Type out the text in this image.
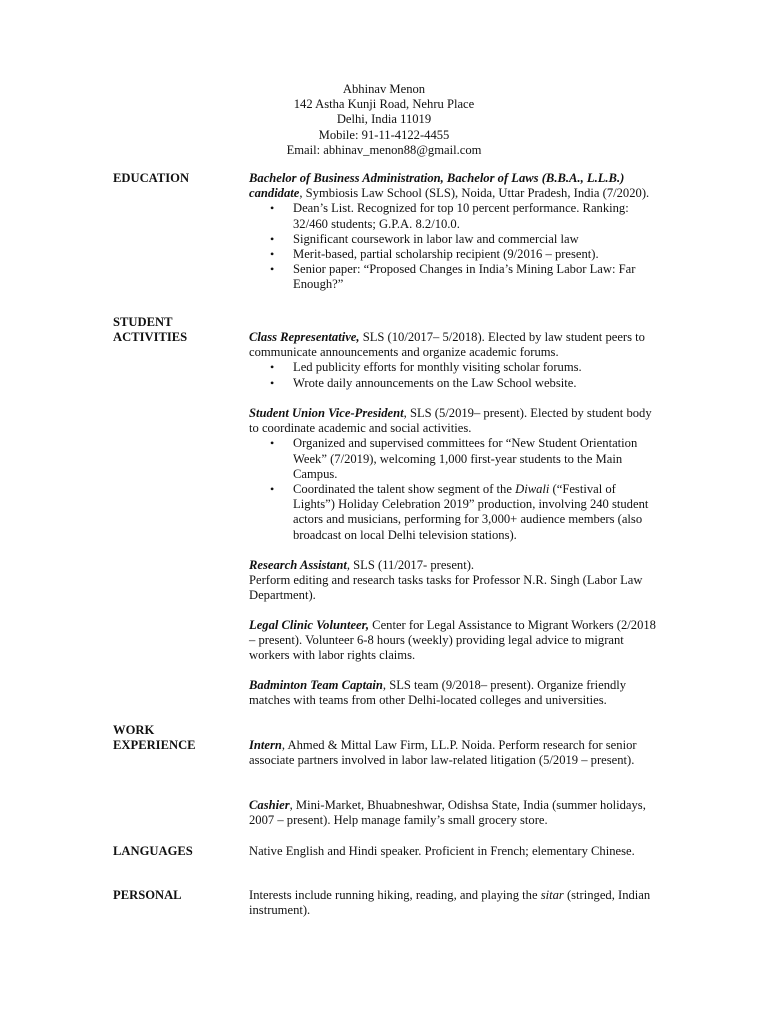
Abhinav Menon
142 Astha Kunji Road, Nehru Place
Delhi, India 11019
Mobile: 91-11-4122-4455
Email: abhinav_menon88@gmail.com
EDUCATION	Bachelor of Business Administration, Bachelor of Laws (B.B.A., L.L.B.) candidate, Symbiosis Law School (SLS), Noida, Uttar Pradesh, India (7/2020).

• Dean’s List. Recognized for top 10 percent performance. Ranking: 32/460 students; G.P.A. 8.2/10.0.
• Significant coursework in labor law and commercial law
• Merit-based, partial scholarship recipient (9/2016 – present).
• Senior paper: “Proposed Changes in India’s Mining Labor Law: Far Enough?”
STUDENT
ACTIVITIES	Class Representative, SLS (10/2017– 5/2018). Elected by law student peers to communicate announcements and organize academic forums.

• Led publicity efforts for monthly visiting scholar forums.
• Wrote daily announcements on the Law School website.

Student Union Vice-President, SLS (5/2019– present). Elected by student body to coordinate academic and social activities.

• Organized and supervised committees for “New Student Orientation Week” (7/2019), welcoming 1,000 first-year students to the Main Campus.
• Coordinated the talent show segment of the Diwali (“Festival of Lights”) Holiday Celebration 2019” production, involving 240 student actors and musicians, performing for 3,000+ audience members (also broadcast on local Delhi television stations).

Research Assistant, SLS (11/2017- present).

Perform editing and research tasks tasks for Professor N.R. Singh (Labor Law Department).

Legal Clinic Volunteer, Center for Legal Assistance to Migrant Workers (2/2018 – present). Volunteer 6-8 hours (weekly) providing legal advice to migrant workers with labor rights claims.

Badminton Team Captain, SLS team (9/2018– present). Organize friendly matches with teams from other Delhi-located colleges and universities.

WORK
EXPERIENCE	Intern, Ahmed & Mittal Law Firm, LL.P. Noida. Perform research for senior associate partners involved in labor law-related litigation (5/2019 – present).

Cashier, Mini-Market, Bhuabneshwar, Odishsa State, India (summer holidays, 2007 – present). Help manage family’s small grocery store.

LANGUAGES	Native English and Hindi speaker. Proficient in French; elementary Chinese.
PERSONAL	Interests include running hiking, reading, and playing the sitar (stringed, Indian instrument).
